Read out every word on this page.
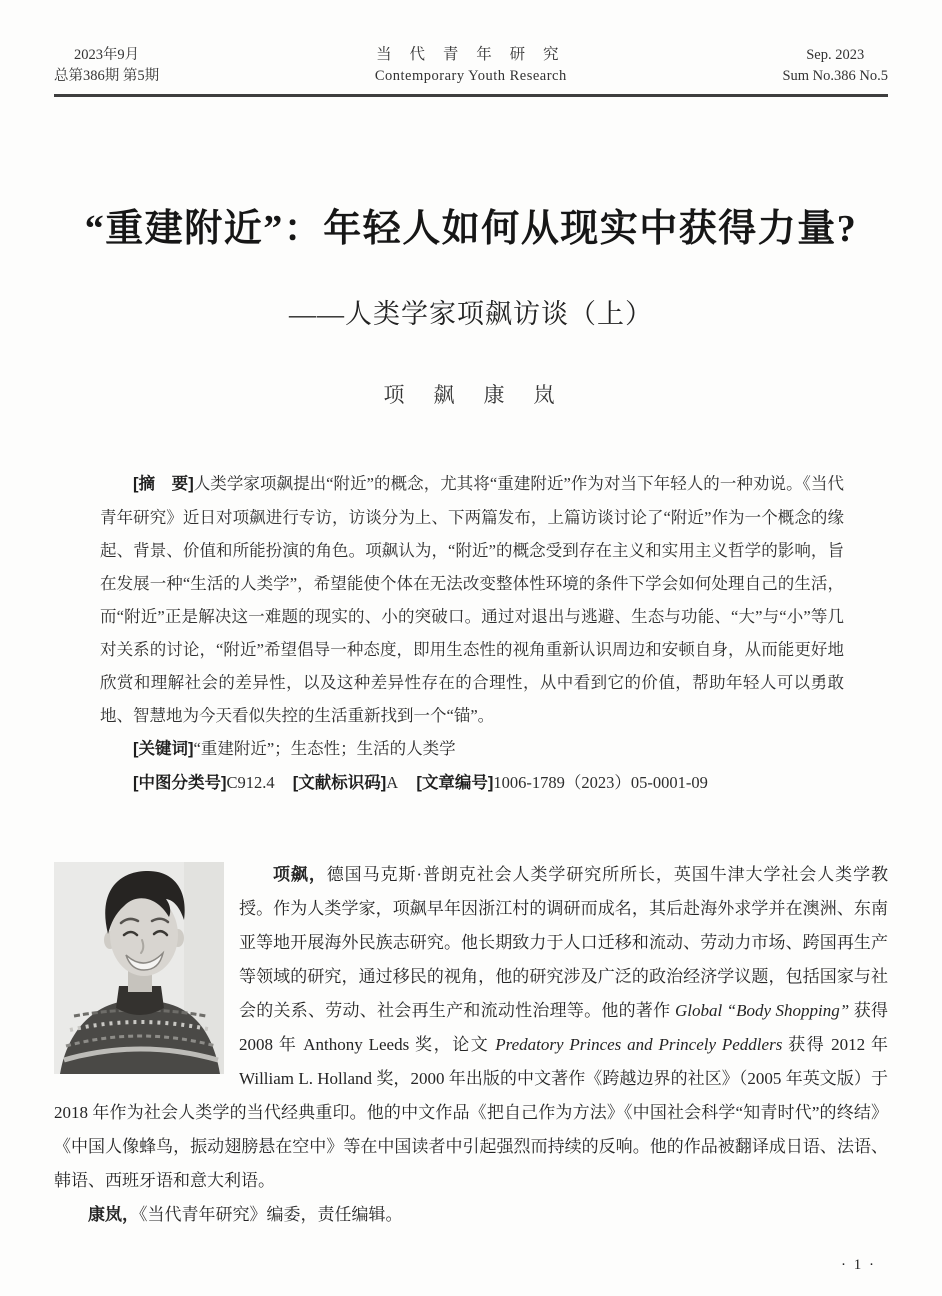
2023年9月
总第386期 第5期
当 代 青 年 研 究
Contemporary Youth Research
Sep. 2023
Sum No.386 No.5
“重建附近”：年轻人如何从现实中获得力量?
——人类学家项飙访谈（上）
项　飙　康　岚

[摘　要]人类学家项飙提出“附近”的概念，尤其将“重建附近”作为对当下年轻人的一种劝说。《当代青年研究》近日对项飙进行专访，访谈分为上、下两篇发布，上篇访谈讨论了“附近”作为一个概念的缘起、背景、价值和所能扮演的角色。项飙认为，“附近”的概念受到存在主义和实用主义哲学的影响，旨在发展一种“生活的人类学”，希望能使个体在无法改变整体性环境的条件下学会如何处理自己的生活，而“附近”正是解决这一难题的现实的、小的突破口。通过对退出与逃避、生态与功能、“大”与“小”等几对关系的讨论，“附近”希望倡导一种态度，即用生态性的视角重新认识周边和安顿自身，从而能更好地欣赏和理解社会的差异性，以及这种差异性存在的合理性，从中看到它的价值，帮助年轻人可以勇敢地、智慧地为今天看似失控的生活重新找到一个“锚”。

[关键词]“重建附近”；生态性；生活的人类学

[中图分类号]C912.4 [文献标识码]A [文章编号]1006-1789（2023）05-0001-09

项飙，德国马克斯·普朗克社会人类学研究所所长，英国牛津大学社会人类学教授。作为人类学家，项飙早年因浙江村的调研而成名，其后赴海外求学并在澳洲、东南亚等地开展海外民族志研究。他长期致力于人口迁移和流动、劳动力市场、跨国再生产等领域的研究，通过移民的视角，他的研究涉及广泛的政治经济学议题，包括国家与社会的关系、劳动、社会再生产和流动性治理等。他的著作 Global “Body Shopping” 获得 2008 年 Anthony Leeds 奖，论文 Predatory Princes and Princely Peddlers 获得 2012 年 William L. Holland 奖，2000 年出版的中文著作《跨越边界的社区》（2005 年英文版）于 2018 年作为社会人类学的当代经典重印。他的中文作品《把自己作为方法》《中国社会科学“知青时代”的终结》《中国人像蜂鸟，振动翅膀悬在空中》等在中国读者中引起强烈而持续的反响。他的作品被翻译成日语、法语、韩语、西班牙语和意大利语。

康岚，《当代青年研究》编委，责任编辑。

· 1 ·
